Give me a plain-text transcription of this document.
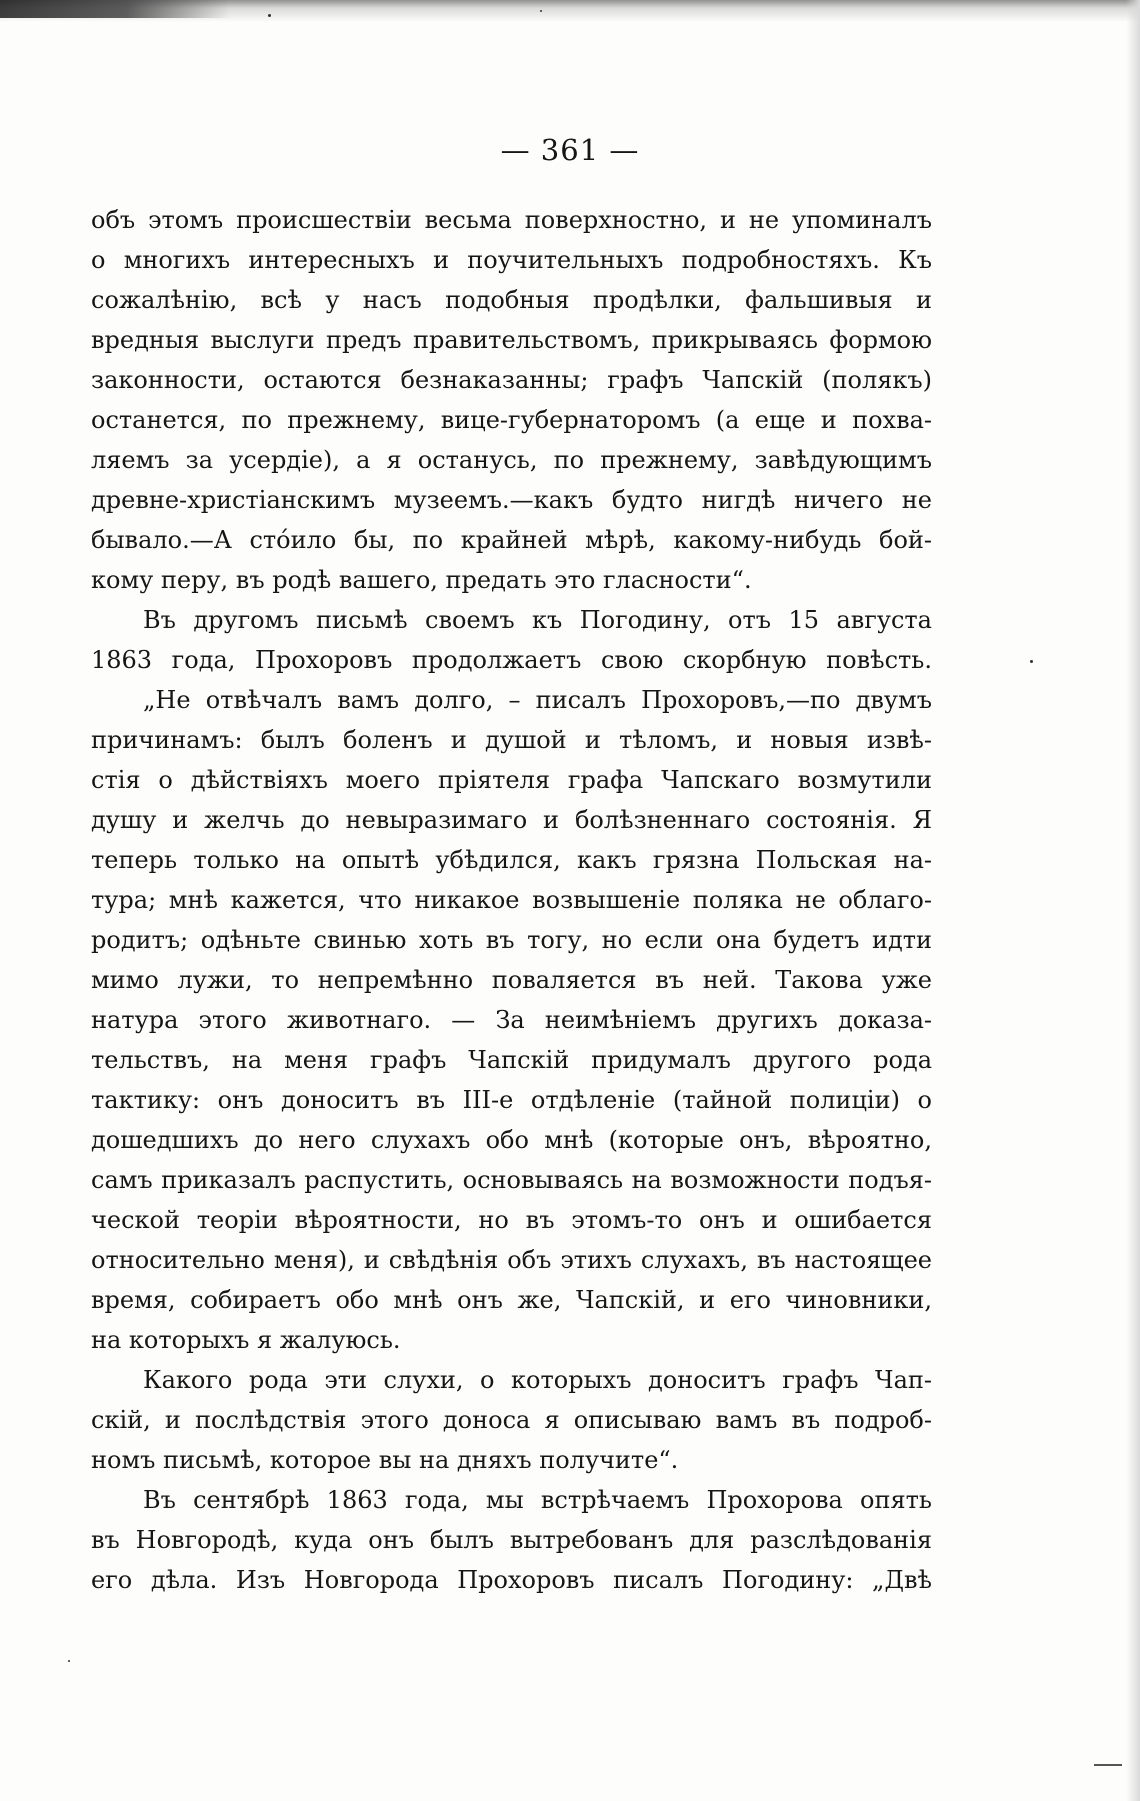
— 361 —
объ этомъ происшествіи весьма поверхностно, и не упоминалъ
о многихъ интересныхъ и поучительныхъ подробностяхъ. Къ
сожалѣнію, всѣ у насъ подобныя продѣлки, фальшивыя и
вредныя выслуги предъ правительствомъ, прикрываясь формою
законности, остаются безнаказанны; графъ Чапскій (полякъ)
останется, по прежнему, вице-губернаторомъ (а еще и похва-
ляемъ за усердіе), а я останусь, по прежнему, завѣдующимъ
древне-христіанскимъ музеемъ.—какъ будто нигдѣ ничего не
бывало.—А стóило бы, по крайней мѣрѣ, какому-нибудь бой-
кому перу, въ родѣ вашего, предать это гласности“.
Въ другомъ письмѣ своемъ къ Погодину, отъ 15 августа
1863 года, Прохоровъ продолжаетъ свою скорбную повѣсть.
„Не отвѣчалъ вамъ долго, – писалъ Прохоровъ,—по двумъ
причинамъ: былъ боленъ и душой и тѣломъ, и новыя извѣ-
стія о дѣйствіяхъ моего пріятеля графа Чапскаго возмутили
душу и желчь до невыразимаго и болѣзненнаго состоянія. Я
теперь только на опытѣ убѣдился, какъ грязна Польская на-
тура; мнѣ кажется, что никакое возвышеніе поляка не облаго-
родитъ; одѣньте свинью хоть въ тогу, но если она будетъ идти
мимо лужи, то непремѣнно поваляется въ ней. Такова уже
натура этого животнаго. — За неимѣніемъ другихъ доказа-
тельствъ, на меня графъ Чапскій придумалъ другого рода
тактику: онъ доноситъ въ III-е отдѣленіе (тайной полиціи) о
дошедшихъ до него слухахъ обо мнѣ (которые онъ, вѣроятно,
самъ приказалъ распустить, основываясь на возможности подъя-
ческой теоріи вѣроятности, но въ этомъ-то онъ и ошибается
относительно меня), и свѣдѣнія объ этихъ слухахъ, въ настоящее
время, собираетъ обо мнѣ онъ же, Чапскій, и его чиновники,
на которыхъ я жалуюсь.
Какого рода эти слухи, о которыхъ доноситъ графъ Чап-
скій, и послѣдствія этого доноса я описываю вамъ въ подроб-
номъ письмѣ, которое вы на дняхъ получите“.
Въ сентябрѣ 1863 года, мы встрѣчаемъ Прохорова опять
въ Новгородѣ, куда онъ былъ вытребованъ для разслѣдованія
его дѣла. Изъ Новгорода Прохоровъ писалъ Погодину: „Двѣ
